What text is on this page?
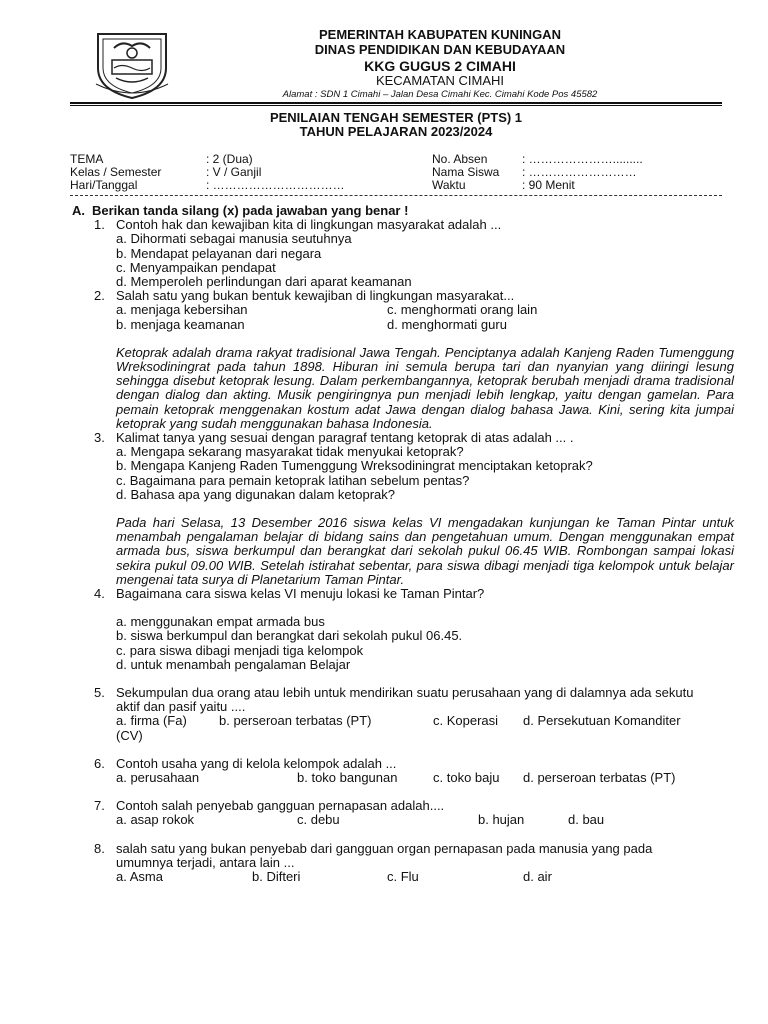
PEMERINTAH KABUPATEN KUNINGAN
DINAS PENDIDIKAN DAN KEBUDAYAAN
KKG GUGUS 2 CIMAHI
KECAMATAN CIMAHI
Alamat : SDN 1 Cimahi – Jalan Desa Cimahi Kec. Cimahi Kode Pos 45582
PENILAIAN TENGAH SEMESTER (PTS) 1
TAHUN PELAJARAN 2023/2024
TEMA	: 2 (Dua)	No. Absen	: ………………….........
Kelas / Semester	: V / Ganjil	Nama Siswa : ………………………
Hari/Tanggal	: ……………………………	Waktu	: 90 Menit
A. Berikan tanda silang (x) pada jawaban yang benar !
1. Contoh hak dan kewajiban kita di lingkungan masyarakat adalah ...
a. Dihormati sebagai manusia seutuhnya
b. Mendapat pelayanan dari negara
c. Menyampaikan pendapat
d. Memperoleh perlindungan dari aparat keamanan
2. Salah satu yang bukan bentuk kewajiban di lingkungan masyarakat...
a. menjaga kebersihan	c. menghormati orang lain
b. menjaga keamanan	d. menghormati guru
Ketoprak adalah drama rakyat tradisional Jawa Tengah. Penciptanya adalah Kanjeng Raden Tumenggung Wreksodiningrat pada tahun 1898. Hiburan ini semula berupa tari dan nyanyian yang diiringi lesung sehingga disebut ketoprak lesung. Dalam perkembangannya, ketoprak berubah menjadi drama tradisional dengan dialog dan akting. Musik pengiringnya pun menjadi lebih lengkap, yaitu dengan gamelan. Para pemain ketoprak menggenakan kostum adat Jawa dengan dialog bahasa Jawa. Kini, sering kita jumpai ketoprak yang sudah menggunakan bahasa Indonesia.
3. Kalimat tanya yang sesuai dengan paragraf tentang ketoprak di atas adalah ... .
a. Mengapa sekarang masyarakat tidak menyukai ketoprak?
b. Mengapa Kanjeng Raden Tumenggung Wreksodiningrat menciptakan ketoprak?
c. Bagaimana para pemain ketoprak latihan sebelum pentas?
d. Bahasa apa yang digunakan dalam ketoprak?
Pada hari Selasa, 13 Desember 2016 siswa kelas VI mengadakan kunjungan ke Taman Pintar untuk menambah pengalaman belajar di bidang sains dan pengetahuan umum. Dengan menggunakan empat armada bus, siswa berkumpul dan berangkat dari sekolah pukul 06.45 WIB. Rombongan sampai lokasi sekira pukul 09.00 WIB. Setelah istirahat sebentar, para siswa dibagi menjadi tiga kelompok untuk belajar mengenai tata surya di Planetarium Taman Pintar.
4. Bagaimana cara siswa kelas VI menuju lokasi ke Taman Pintar?
a. menggunakan empat armada bus
b. siswa berkumpul dan berangkat dari sekolah pukul 06.45.
c. para siswa dibagi menjadi tiga kelompok
d. untuk menambah pengalaman Belajar
5. Sekumpulan dua orang atau lebih untuk mendirikan suatu perusahaan yang di dalamnya ada sekutu aktif dan pasif yaitu ....
a. firma (Fa) b. perseroan terbatas (PT)	c. Koperasi d. Persekutuan Komanditer
(CV)
6. Contoh usaha yang di kelola kelompok adalah ...
a. perusahaan	b. toko bangunan	c. toko baju d. perseroan terbatas (PT)
7. Contoh salah penyebab gangguan pernapasan adalah....
a. asap rokok	c. debu	b. hujan	d. bau
8. salah satu yang bukan penyebab dari gangguan organ pernapasan pada manusia yang pada umumnya terjadi, antara lain ...
a. Asma	b. Difteri	c. Flu	d. air
